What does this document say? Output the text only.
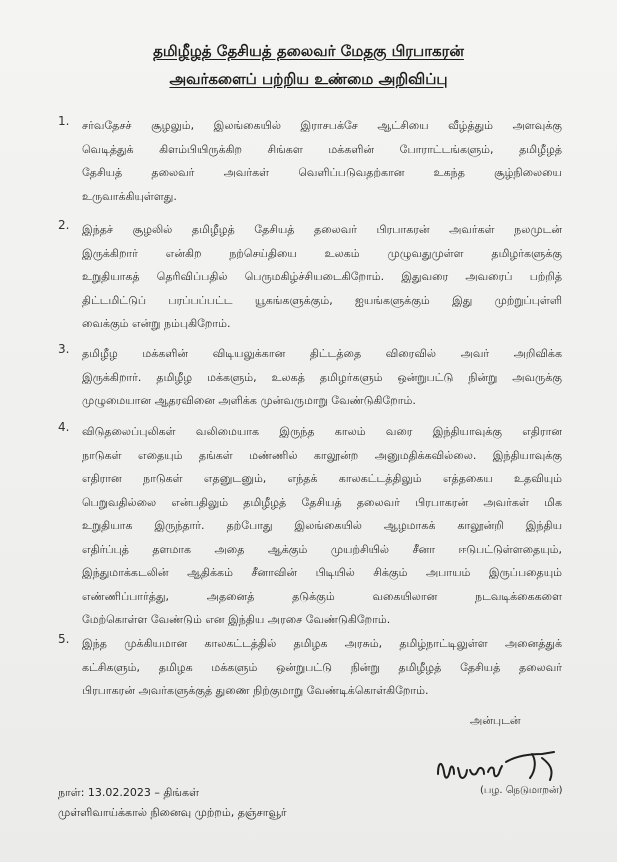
தமிழீழத் தேசியத் தலைவர் மேதகு பிரபாகரன்
அவர்களைப் பற்றிய உண்மை அறிவிப்பு
1. சர்வதேசச் சூழலும், இலங்கையில் இராசபக்சே ஆட்சியை வீழ்த்தும் அளவுக்கு
வெடித்துக் கிளம்பியிருக்கிற சிங்கள மக்களின் போராட்டங்களும், தமிழீழத்
தேசியத் தலைவர் அவர்கள் வெளிப்படுவதற்கான உகந்த சூழ்நிலையை
உருவாக்கியுள்ளது.
2. இந்தச் சூழலில் தமிழீழத் தேசியத் தலைவர் பிரபாகரன் அவர்கள் நலமுடன்
இருக்கிறார் என்கிற நற்செய்தியை உலகம் முழுவதுமுள்ள தமிழர்களுக்கு
உறுதியாகத் தெரிவிப்பதில் பெருமகிழ்ச்சியடைகிறோம். இதுவரை அவரைப் பற்றித்
திட்டமிட்டுப் பரப்பப்பட்ட யூகங்களுக்கும், ஐயங்களுக்கும் இது முற்றுப்புள்ளி
வைக்கும் என்று நம்புகிறோம்.
3. தமிழீழ மக்களின் விடியலுக்கான திட்டத்தை விரைவில் அவர் அறிவிக்க
இருக்கிறார். தமிழீழ மக்களும், உலகத் தமிழர்களும் ஒன்றுபட்டு நின்று அவருக்கு
முழுமையான ஆதரவினை அளிக்க முன்வருமாறு வேண்டுகிறோம்.
4. விடுதலைப்புலிகள் வலிமையாக இருந்த காலம் வரை இந்தியாவுக்கு எதிரான
நாடுகள் எதையும் தங்கள் மண்ணில் காலூன்ற அனுமதிக்கவில்லை. இந்தியாவுக்கு
எதிரான நாடுகள் எதனுடனும், எந்தக் காலகட்டத்திலும் எத்தகைய உதவியும்
பெறுவதில்லை என்பதிலும் தமிழீழத் தேசியத் தலைவர் பிரபாகரன் அவர்கள் மிக
உறுதியாக இருந்தார். தற்போது இலங்கையில் ஆழமாகக் காலூன்றி இந்திய
எதிர்ப்புத் தளமாக அதை ஆக்கும் முயற்சியில் சீனா ஈடுபட்டுள்ளதையும்,
இந்துமாக்கடலின் ஆதிக்கம் சீனாவின் பிடியில் சிக்கும் அபாயம் இருப்பதையும்
எண்ணிப்பார்த்து, அதனைத் தடுக்கும் வகையிலான நடவடிக்கைகளை
மேற்கொள்ள வேண்டும் என இந்திய அரசை வேண்டுகிறோம்.
5. இந்த முக்கியமான காலகட்டத்தில் தமிழக அரசும், தமிழ்நாட்டிலுள்ள அனைத்துக்
கட்சிகளும், தமிழக மக்களும் ஒன்றுபட்டு நின்று தமிழீழத் தேசியத் தலைவர்
பிரபாகரன் அவர்களுக்குத் துணை நிற்குமாறு வேண்டிக்கொள்கிறோம்.
அன்புடன்
(பழ. நெடுமாறன்)
நாள்: 13.02.2023 – திங்கள்
முள்ளிவாய்க்கால் நினைவு முற்றம், தஞ்சாவூர்
